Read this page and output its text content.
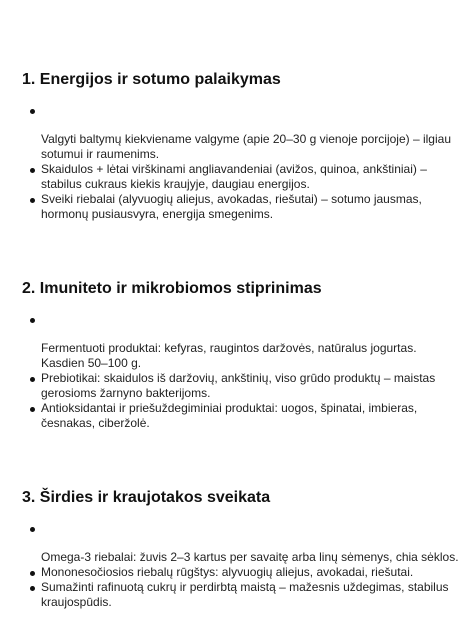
1. Energijos ir sotumo palaikymas
Valgyti baltymų kiekviename valgyme (apie 20–30 g vienoje porcijoje) – ilgiau sotumui ir raumenims.
Skaidulos + lėtai virškinami angliavandeniai (avižos, quinoa, ankštiniai) – stabilus cukraus kiekis kraujyje, daugiau energijos.
Sveiki riebalai (alyvuogių aliejus, avokadas, riešutai) – sotumo jausmas, hormonų pusiausvyra, energija smegenims.
2. Imuniteto ir mikrobiomos stiprinimas
Fermentuoti produktai: kefyras, raugintos daržovės, natūralus jogurtas. Kasdien 50–100 g.
Prebiotikai: skaidulos iš daržovių, ankštinių, viso grūdo produktų – maistas gerosioms žarnyno bakterijoms.
Antioksidantai ir priešuždegiminiai produktai: uogos, špinatai, imbieras, česnakas, ciberžolė.
3. Širdies ir kraujotakos sveikata
Omega-3 riebalai: žuvis 2–3 kartus per savaitę arba linų sėmenys, chia sėklos.
Mononesočiosios riebalų rūgštys: alyvuogių aliejus, avokadai, riešutai.
Sumažinti rafinuotą cukrų ir perdirbtą maistą – mažesnis uždegimas, stabilus kraujospūdis.
